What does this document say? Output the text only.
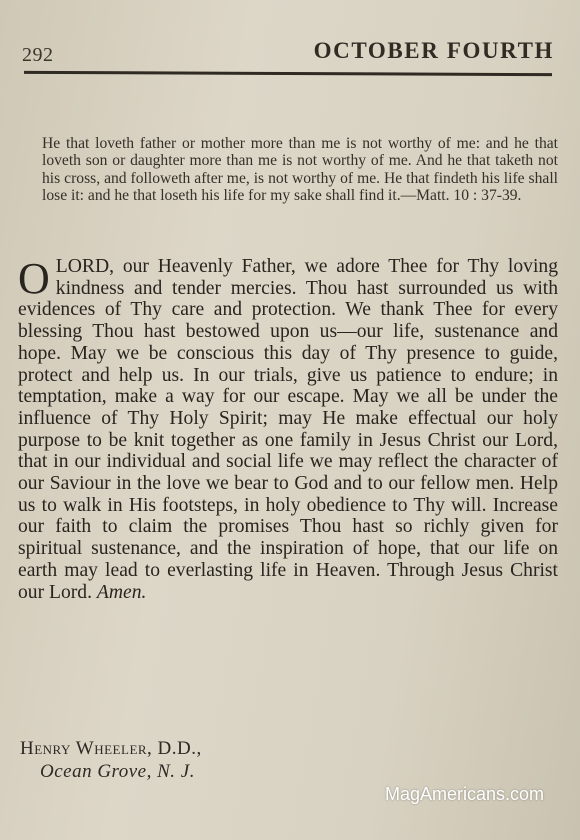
292	OCTOBER FOURTH
He that loveth father or mother more than me is not worthy of me: and he that loveth son or daughter more than me is not worthy of me. And he that taketh not his cross, and followeth after me, is not worthy of me. He that findeth his life shall lose it: and he that loseth his life for my sake shall find it.—Matt. 10 : 37-39.
OLORD, our Heavenly Father, we adore Thee for Thy loving kindness and tender mercies. Thou hast surrounded us with evidences of Thy care and protection. We thank Thee for every blessing Thou hast bestowed upon us—our life, sustenance and hope. May we be conscious this day of Thy presence to guide, protect and help us. In our trials, give us patience to endure; in temptation, make a way for our escape. May we all be under the influence of Thy Holy Spirit; may He make effectual our holy purpose to be knit together as one family in Jesus Christ our Lord, that in our individual and social life we may reflect the character of our Saviour in the love we bear to God and to our fellow men. Help us to walk in His footsteps, in holy obedience to Thy will. Increase our faith to claim the promises Thou hast so richly given for spiritual sustenance, and the inspiration of hope, that our life on earth may lead to everlasting life in Heaven. Through Jesus Christ our Lord. Amen.
Henry Wheeler, D.D.,
Ocean Grove, N. J.
MagAmericans.com
